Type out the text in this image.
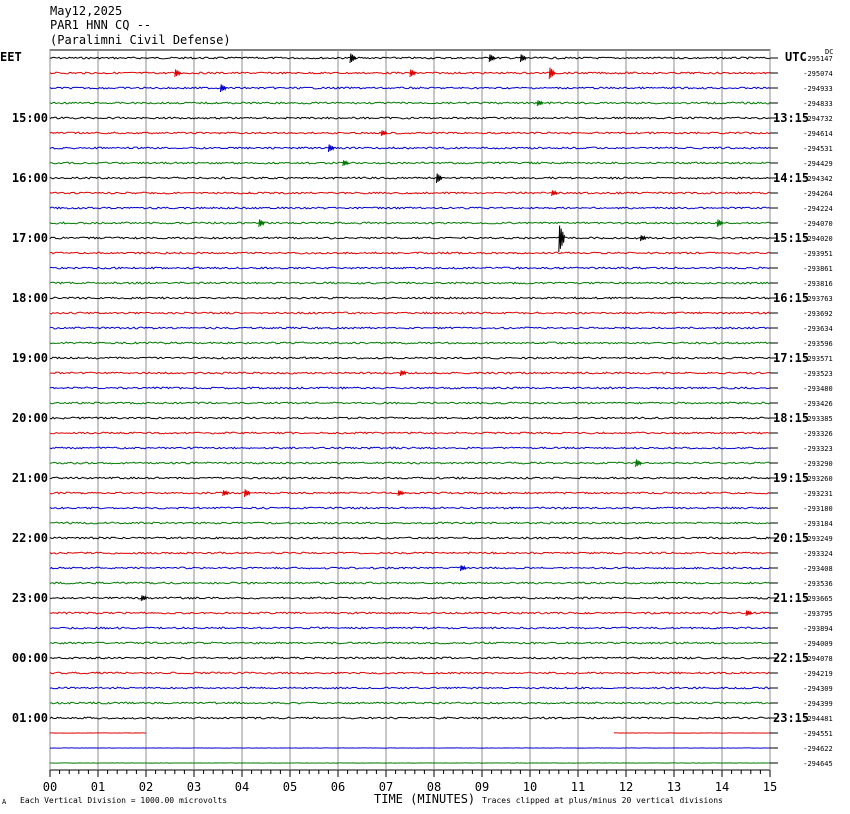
May12,2025
PAR1 HNN CQ --
(Paralimni Civil Defense)
EET	UTC	DC
00	01	02	03	04	05	06	07	08	09	10	11	12	13	14	15
-295147
-295074
-294933
-294833
-294732
-294614
-294531
-294429
-294342
-294264
-294224
-294070
-294020
-293951
-293861
-293816
-293763
-293692
-293634
-293596
-293571
-293523
-293480
-293426
-293385
-293326
-293323
-293290
-293260
-293231
-293180
-293184
-293249
-293324
-293408
-293536
-293665
-293795
-293894
-294009
-294078
-294219
-294309
-294399
-294481
-294551
-294622
-294645
15:00
16:00
17:00
18:00
19:00
20:00
21:00
22:00
23:00
00:00
01:00
13:15
14:15
15:15
16:15
17:15
18:15
19:15
20:15
21:15
22:15
23:15
TIME (MINUTES)
A Each Vertical Division = 1000.00 microvolts	Traces clipped at plus/minus 20 vertical divisions
